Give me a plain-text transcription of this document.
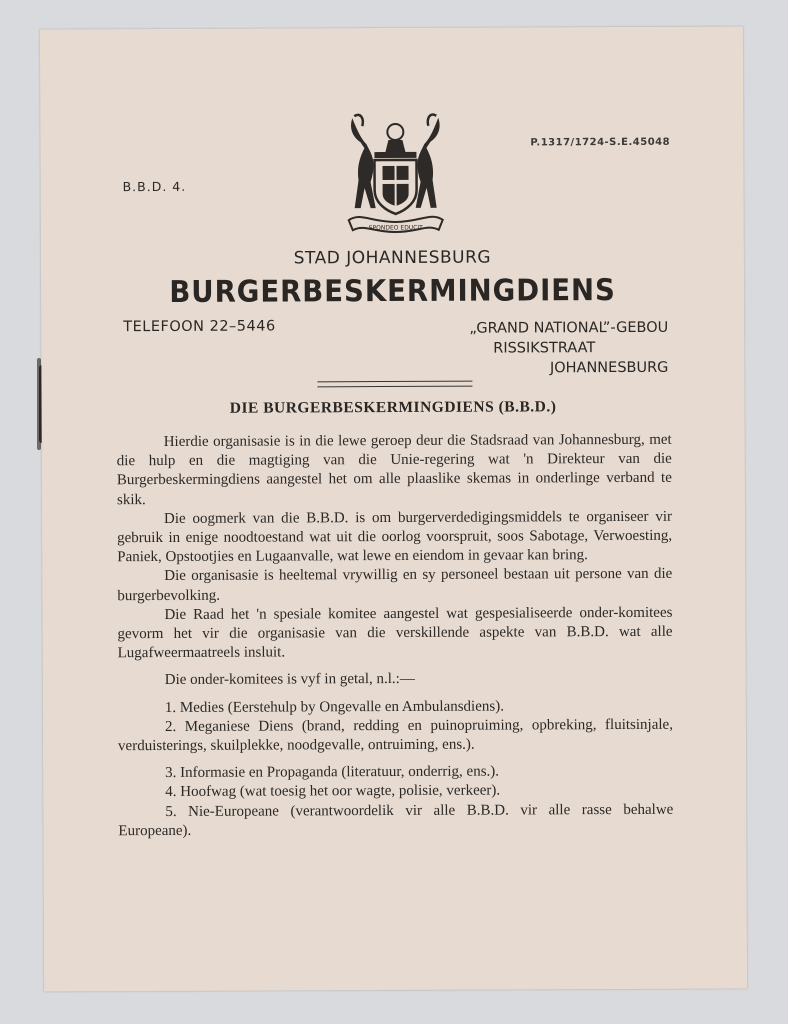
SPONDEO EDUCIT
P.1317/1724-S.E.45048
B.B.D. 4.
STAD JOHANNESBURG
BURGERBESKERMINGDIENS
TELEFOON 22–5446	„GRAND NATIONAL”-GEBOU
RISSIKSTRAAT
JOHANNESBURG
DIE BURGERBESKERMINGDIENS (B.B.D.)

Hierdie organisasie is in die lewe geroep deur die Stadsraad van Johannesburg, met die hulp en die magtiging van die Unie-regering wat 'n Direkteur van die Burgerbeskermingdiens aangestel het om alle plaaslike skemas in onderlinge verband te skik.

Die oogmerk van die B.B.D. is om burgerverdedigingsmiddels te organiseer vir gebruik in enige noodtoestand wat uit die oorlog voorspruit, soos Sabotage, Verwoesting, Paniek, Opstootjies en Lugaanvalle, wat lewe en eiendom in gevaar kan bring.

Die organisasie is heeltemal vrywillig en sy personeel bestaan uit persone van die burgerbevolking.

Die Raad het 'n spesiale komitee aangestel wat gespesialiseerde onder-komitees gevorm het vir die organisasie van die verskillende aspekte van B.B.D. wat alle Lugafweermaatreels insluit.

Die onder-komitees is vyf in getal, n.l.:—

1. Medies (Eerstehulp by Ongevalle en Ambulansdiens).

2. Meganiese Diens (brand, redding en puinopruiming, opbreking, fluitsinjale, verduisterings, skuilplekke, noodgevalle, ontruiming, ens.).

3. Informasie en Propaganda (literatuur, onderrig, ens.).

4. Hoofwag (wat toesig het oor wagte, polisie, verkeer).

5. Nie-Europeane (verantwoordelik vir alle B.B.D. vir alle rasse behalwe Europeane).
